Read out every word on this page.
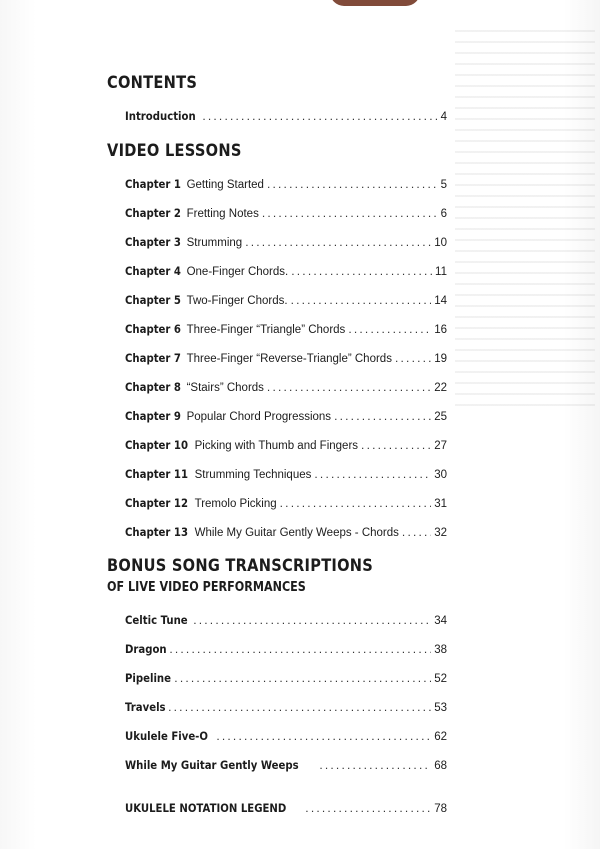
CONTENTS
Introduction .....	4
VIDEO LESSONS
Chapter 1 Getting Started .....	5
Chapter 2 Fretting Notes .....	6
Chapter 3 Strumming .....	10
Chapter 4 One-Finger Chords. .....	11
Chapter 5 Two-Finger Chords. .....	14
Chapter 6 Three-Finger “Triangle” Chords .....	16
Chapter 7 Three-Finger “Reverse-Triangle” Chords .....	19
Chapter 8 “Stairs” Chords .....	22
Chapter 9 Popular Chord Progressions .....	25
Chapter 10 Picking with Thumb and Fingers .....	27
Chapter 11 Strumming Techniques .....	30
Chapter 12 Tremolo Picking .....	31
Chapter 13 While My Guitar Gently Weeps - Chords .....	32
BONUS SONG TRANSCRIPTIONS
OF LIVE VIDEO PERFORMANCES
Celtic Tune .....	34
Dragon .....	38
Pipeline .....	52
Travels .....	53
Ukulele Five-O .....	62
While My Guitar Gently Weeps .....	68
UKULELE NOTATION LEGEND .....	78
